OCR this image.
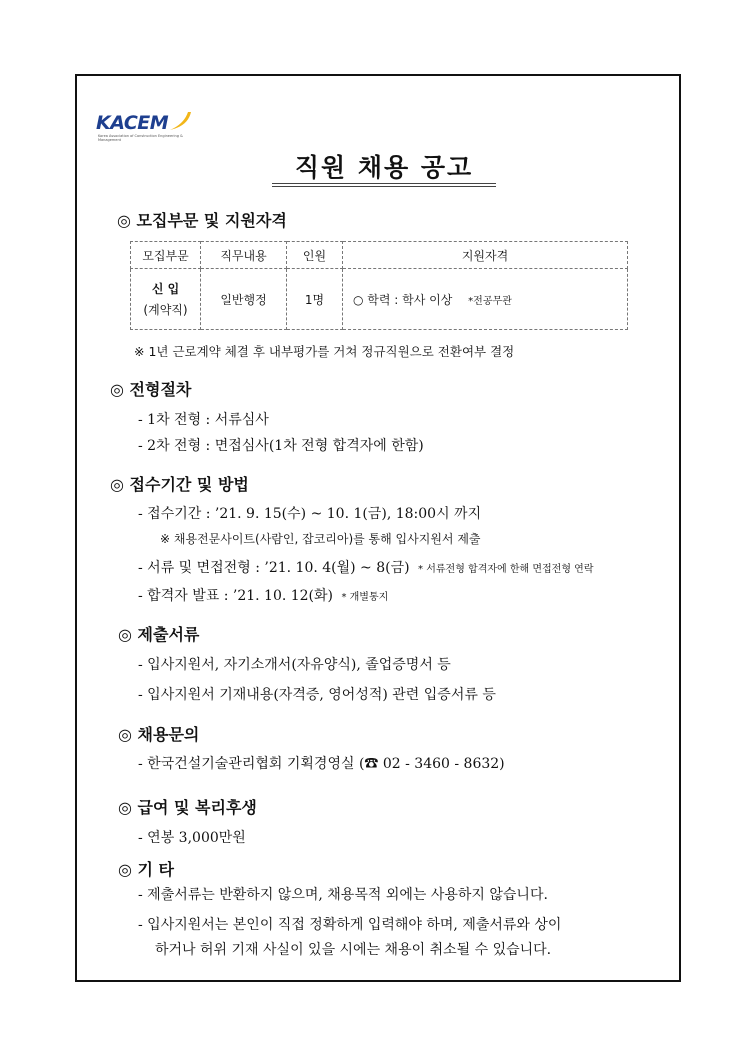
KACEM
Korea Association of Construction Engineering & Management
직원 채용 공고
◎ 모집부문 및 지원자격
모집부문	직무내용	인원	지원자격

신 입
(계약직)	일반행정	1명	○ 학력 : 학사 이상 *전공무관
※ 1년 근로계약 체결 후 내부평가를 거쳐 정규직원으로 전환여부 결정
◎ 전형절차
- 1차 전형 : 서류심사
- 2차 전형 : 면접심사(1차 전형 합격자에 한함)
◎ 접수기간 및 방법
- 접수기간 : ’21. 9. 15(수) ~ 10. 1(금), 18:00시 까지
※ 채용전문사이트(사람인, 잡코리아)를 통해 입사지원서 제출
- 서류 및 면접전형 : ’21. 10. 4(월) ~ 8(금) * 서류전형 합격자에 한해 면접전형 연락
- 합격자 발표 : ’21. 10. 12(화) * 개별통지
◎ 제출서류
- 입사지원서, 자기소개서(자유양식), 졸업증명서 등
- 입사지원서 기재내용(자격증, 영어성적) 관련 입증서류 등
◎ 채용문의
- 한국건설기술관리협회 기획경영실 (☎ 02 - 3460 - 8632)
◎ 급여 및 복리후생
- 연봉 3,000만원
◎ 기 타
- 제출서류는 반환하지 않으며, 채용목적 외에는 사용하지 않습니다.
- 입사지원서는 본인이 직접 정확하게 입력해야 하며, 제출서류와 상이
하거나 허위 기재 사실이 있을 시에는 채용이 취소될 수 있습니다.
